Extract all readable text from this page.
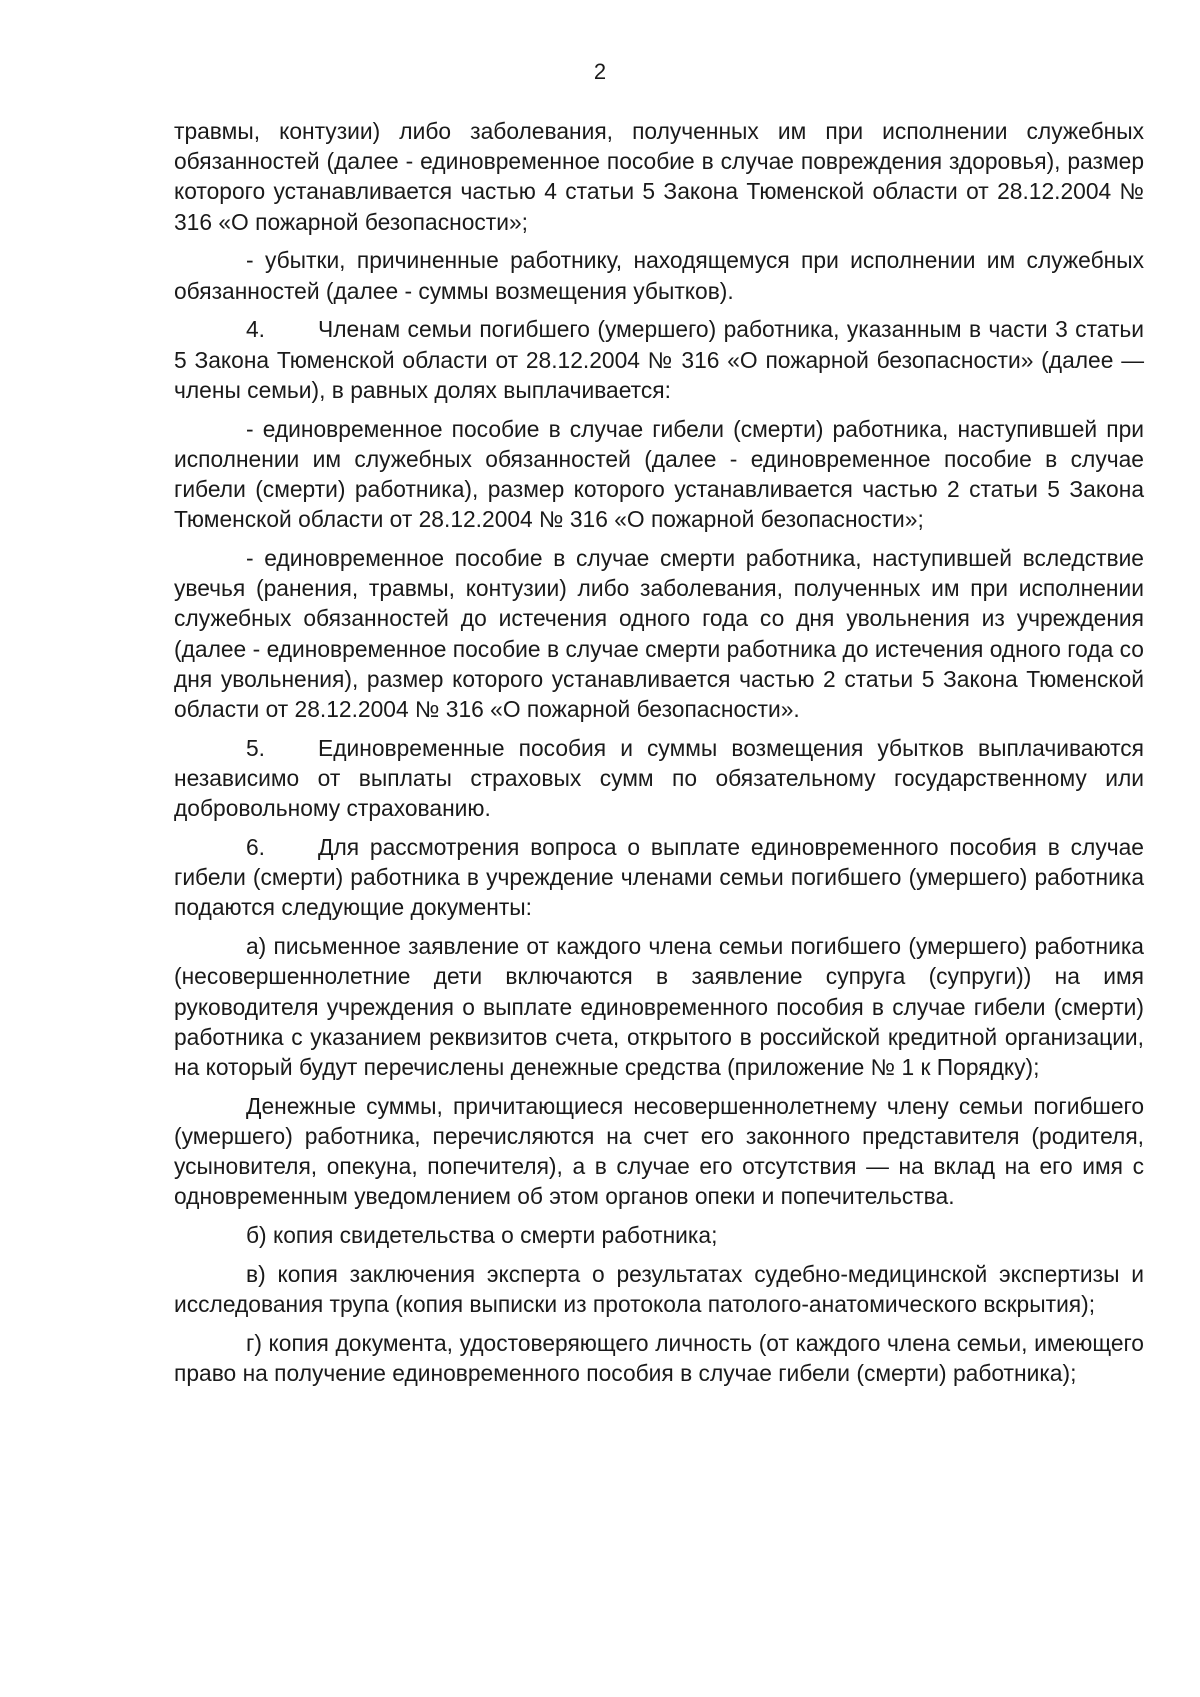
2

травмы, контузии) либо заболевания, полученных им при исполнении служебных обязанностей (далее - единовременное пособие в случае повреждения здоровья), размер которого устанавливается частью 4 статьи 5 Закона Тюменской области от 28.12.2004 № 316 «О пожарной безопасности»;

- убытки, причиненные работнику, находящемуся при исполнении им служебных обязанностей (далее - суммы возмещения убытков).

4. Членам семьи погибшего (умершего) работника, указанным в части 3 статьи 5 Закона Тюменской области от 28.12.2004 № 316 «О пожарной безопасности» (далее — члены семьи), в равных долях выплачивается:

- единовременное пособие в случае гибели (смерти) работника, наступившей при исполнении им служебных обязанностей (далее - единовременное пособие в случае гибели (смерти) работника), размер которого устанавливается частью 2 статьи 5 Закона Тюменской области от 28.12.2004 № 316 «О пожарной безопасности»;

- единовременное пособие в случае смерти работника, наступившей вследствие увечья (ранения, травмы, контузии) либо заболевания, полученных им при исполнении служебных обязанностей до истечения одного года со дня увольнения из учреждения (далее - единовременное пособие в случае смерти работника до истечения одного года со дня увольнения), размер которого устанавливается частью 2 статьи 5 Закона Тюменской области от 28.12.2004 № 316 «О пожарной безопасности».

5. Единовременные пособия и суммы возмещения убытков выплачиваются независимо от выплаты страховых сумм по обязательному государственному или добровольному страхованию.

6. Для рассмотрения вопроса о выплате единовременного пособия в случае гибели (смерти) работника в учреждение членами семьи погибшего (умершего) работника подаются следующие документы:

а) письменное заявление от каждого члена семьи погибшего (умершего) работника (несовершеннолетние дети включаются в заявление супруга (супруги)) на имя руководителя учреждения о выплате единовременного пособия в случае гибели (смерти) работника с указанием реквизитов счета, открытого в российской кредитной организации, на который будут перечислены денежные средства (приложение № 1 к Порядку);

Денежные суммы, причитающиеся несовершеннолетнему члену семьи погибшего (умершего) работника, перечисляются на счет его законного представителя (родителя, усыновителя, опекуна, попечителя), а в случае его отсутствия — на вклад на его имя с одновременным уведомлением об этом органов опеки и попечительства.

б) копия свидетельства о смерти работника;

в) копия заключения эксперта о результатах судебно-медицинской экспертизы и исследования трупа (копия выписки из протокола патолого-анатомического вскрытия);

г) копия документа, удостоверяющего личность (от каждого члена семьи, имеющего право на получение единовременного пособия в случае гибели (смерти) работника);
